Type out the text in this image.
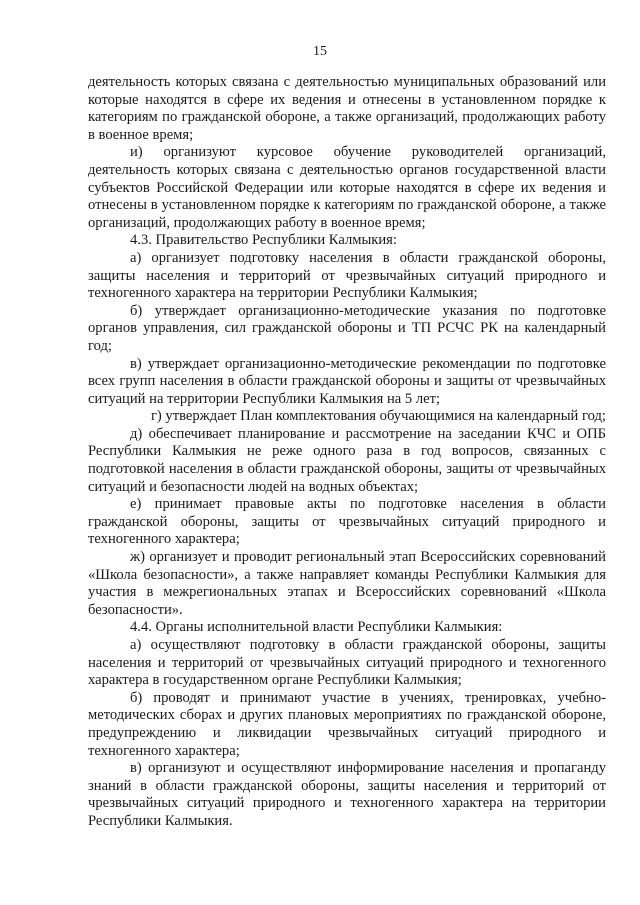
15

деятельность которых связана с деятельностью муниципальных образований или которые находятся в сфере их ведения и отнесены в установленном порядке к категориям по гражданской обороне, а также организаций, продолжающих работу в военное время;

и) организуют курсовое обучение руководителей организаций, деятельность которых связана с деятельностью органов государственной власти субъектов Российской Федерации или которые находятся в сфере их ведения и отнесены в установленном порядке к категориям по гражданской обороне, а также организаций, продолжающих работу в военное время;

4.3. Правительство Республики Калмыкия:

а) организует подготовку населения в области гражданской обороны, защиты населения и территорий от чрезвычайных ситуаций природного и техногенного характера на территории Республики Калмыкия;

б) утверждает организационно-методические указания по подготовке органов управления, сил гражданской обороны и ТП РСЧС РК на календарный год;

в) утверждает организационно-методические рекомендации по подготовке всех групп населения в области гражданской обороны и защиты от чрезвычайных ситуаций на территории Республики Калмыкия на 5 лет;

г) утверждает План комплектования обучающимися на календарный год;

д) обеспечивает планирование и рассмотрение на заседании КЧС и ОПБ Республики Калмыкия не реже одного раза в год вопросов, связанных с подготовкой населения в области гражданской обороны, защиты от чрезвычайных ситуаций и безопасности людей на водных объектах;

е) принимает правовые акты по подготовке населения в области гражданской обороны, защиты от чрезвычайных ситуаций природного и техногенного характера;

ж) организует и проводит региональный этап Всероссийских соревнований «Школа безопасности», а также направляет команды Республики Калмыкия для участия в межрегиональных этапах и Всероссийских соревнований «Школа безопасности».

4.4. Органы исполнительной власти Республики Калмыкия:

а) осуществляют подготовку в области гражданской обороны, защиты населения и территорий от чрезвычайных ситуаций природного и техногенного характера в государственном органе Республики Калмыкия;

б) проводят и принимают участие в учениях, тренировках, учебно-методических сборах и других плановых мероприятиях по гражданской обороне, предупреждению и ликвидации чрезвычайных ситуаций природного и техногенного характера;

в) организуют и осуществляют информирование населения и пропаганду знаний в области гражданской обороны, защиты населения и территорий от чрезвычайных ситуаций природного и техногенного характера на территории Республики Калмыкия.
